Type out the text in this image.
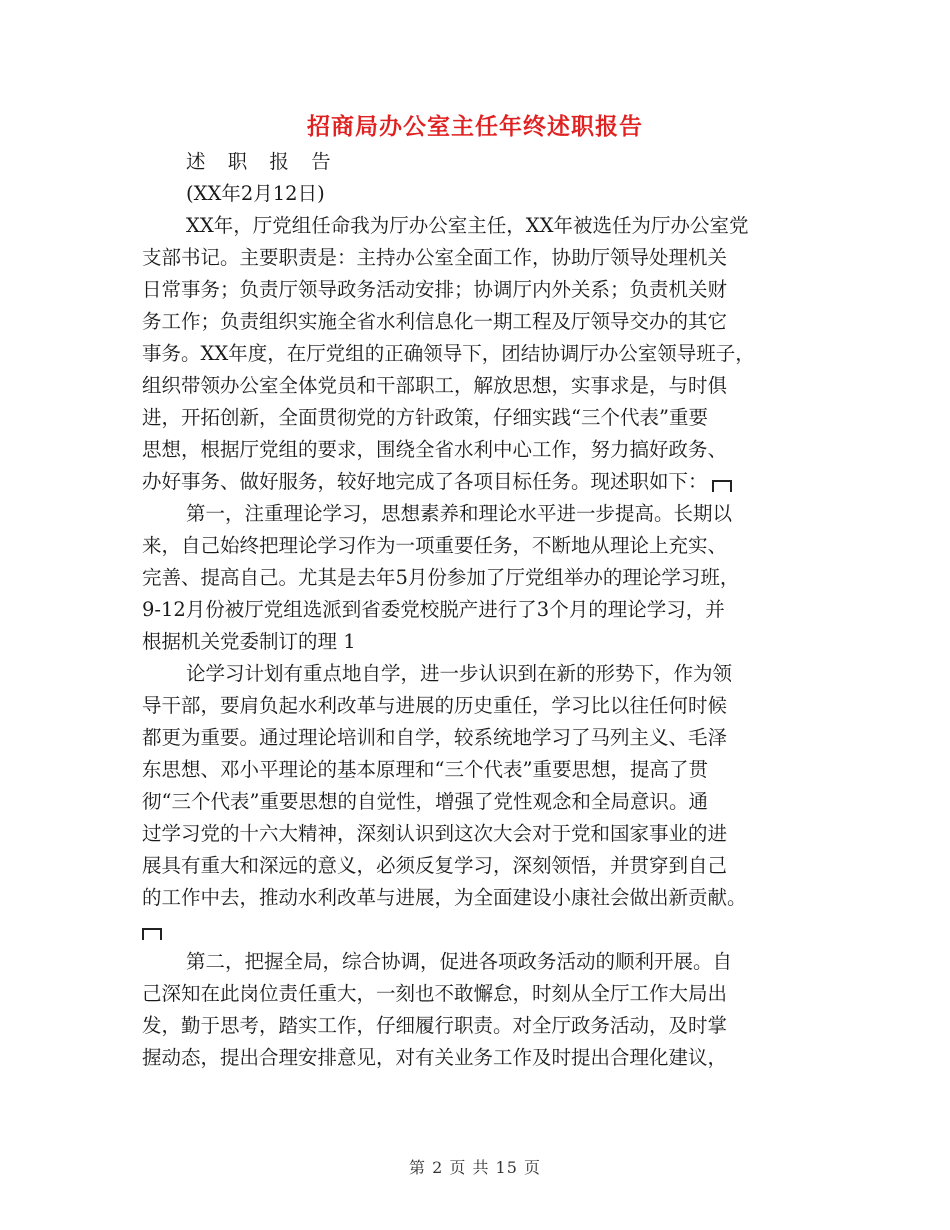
招商局办公室主任年终述职报告
述 职 报 告
(XX年2月12日)
XX年，厅党组任命我为厅办公室主任，XX年被选任为厅办公室党
支部书记。主要职责是：主持办公室全面工作，协助厅领导处理机关
日常事务；负责厅领导政务活动安排；协调厅内外关系；负责机关财
务工作；负责组织实施全省水利信息化一期工程及厅领导交办的其它
事务。XX年度，在厅党组的正确领导下，团结协调厅办公室领导班子，
组织带领办公室全体党员和干部职工，解放思想，实事求是，与时俱
进，开拓创新，全面贯彻党的方针政策，仔细实践“三个代表”重要
思想，根据厅党组的要求，围绕全省水利中心工作，努力搞好政务、
办好事务、做好服务，较好地完成了各项目标任务。现述职如下：
第一，注重理论学习，思想素养和理论水平进一步提高。长期以
来，自己始终把理论学习作为一项重要任务，不断地从理论上充实、
完善、提高自己。尤其是去年5月份参加了厅党组举办的理论学习班，
9-12月份被厅党组选派到省委党校脱产进行了3个月的理论学习，并
根据机关党委制订的理 1
论学习计划有重点地自学，进一步认识到在新的形势下，作为领
导干部，要肩负起水利改革与进展的历史重任，学习比以往任何时候
都更为重要。通过理论培训和自学，较系统地学习了马列主义、毛泽
东思想、邓小平理论的基本原理和“三个代表”重要思想，提高了贯
彻“三个代表”重要思想的自觉性，增强了党性观念和全局意识。通
过学习党的十六大精神，深刻认识到这次大会对于党和国家事业的进
展具有重大和深远的意义，必须反复学习，深刻领悟，并贯穿到自己
的工作中去，推动水利改革与进展，为全面建设小康社会做出新贡献。
第二，把握全局，综合协调，促进各项政务活动的顺利开展。自
己深知在此岗位责任重大，一刻也不敢懈怠，时刻从全厅工作大局出
发，勤于思考，踏实工作，仔细履行职责。对全厅政务活动，及时掌
握动态，提出合理安排意见，对有关业务工作及时提出合理化建议，
第 2 页 共 15 页
